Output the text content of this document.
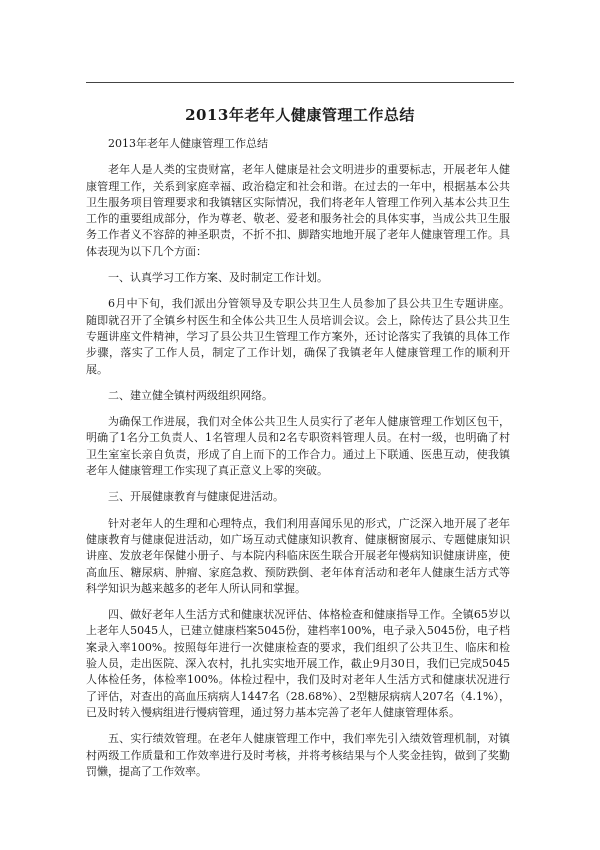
2013年老年人健康管理工作总结

2013年老年人健康管理工作总结

老年人是人类的宝贵财富，老年人健康是社会文明进步的重要标志，开展老年人健康管理工作，关系到家庭幸福、政治稳定和社会和谐。在过去的一年中，根据基本公共卫生服务项目管理要求和我镇辖区实际情况，我们将老年人管理工作列入基本公共卫生工作的重要组成部分，作为尊老、敬老、爱老和服务社会的具体实事，当成公共卫生服务工作者义不容辞的神圣职责，不折不扣、脚踏实地地开展了老年人健康管理工作。具体表现为以下几个方面：

一、认真学习工作方案、及时制定工作计划。

6月中下旬，我们派出分管领导及专职公共卫生人员参加了县公共卫生专题讲座。随即就召开了全镇乡村医生和全体公共卫生人员培训会议。会上，除传达了县公共卫生专题讲座文件精神，学习了县公共卫生管理工作方案外，还讨论落实了我镇的具体工作步骤，落实了工作人员，制定了工作计划，确保了我镇老年人健康管理工作的顺利开展。

二、建立健全镇村两级组织网络。

为确保工作进展，我们对全体公共卫生人员实行了老年人健康管理工作划区包干，明确了1名分工负责人、1名管理人员和2名专职资料管理人员。在村一级，也明确了村卫生室室长亲自负责，形成了自上而下的工作合力。通过上下联通、医患互动，使我镇老年人健康管理工作实现了真正意义上零的突破。

三、开展健康教育与健康促进活动。

针对老年人的生理和心理特点，我们利用喜闻乐见的形式，广泛深入地开展了老年健康教育与健康促进活动，如广场互动式健康知识教育、健康橱窗展示、专题健康知识讲座、发放老年保健小册子、与本院内科临床医生联合开展老年慢病知识健康讲座，使高血压、糖尿病、肿瘤、家庭急救、预防跌倒、老年体育活动和老年人健康生活方式等科学知识为越来越多的老年人所认同和掌握。

四、做好老年人生活方式和健康状况评估、体格检查和健康指导工作。全镇65岁以上老年人5045人，已建立健康档案5045份，建档率100%，电子录入5045份，电子档案录入率100%。按照每年进行一次健康检查的要求，我们组织了公共卫生、临床和检验人员，走出医院、深入农村，扎扎实实地开展工作，截止9月30日，我们已完成5045人体检任务，体检率100%。体检过程中，我们及时对老年人生活方式和健康状况进行了评估，对查出的高血压病病人1447名（28.68%）、2型糖尿病病人207名（4.1%），已及时转入慢病组进行慢病管理，通过努力基本完善了老年人健康管理体系。

五、实行绩效管理。在老年人健康管理工作中，我们率先引入绩效管理机制，对镇村两级工作质量和工作效率进行及时考核，并将考核结果与个人奖金挂钩，做到了奖勤罚懒，提高了工作效率。
